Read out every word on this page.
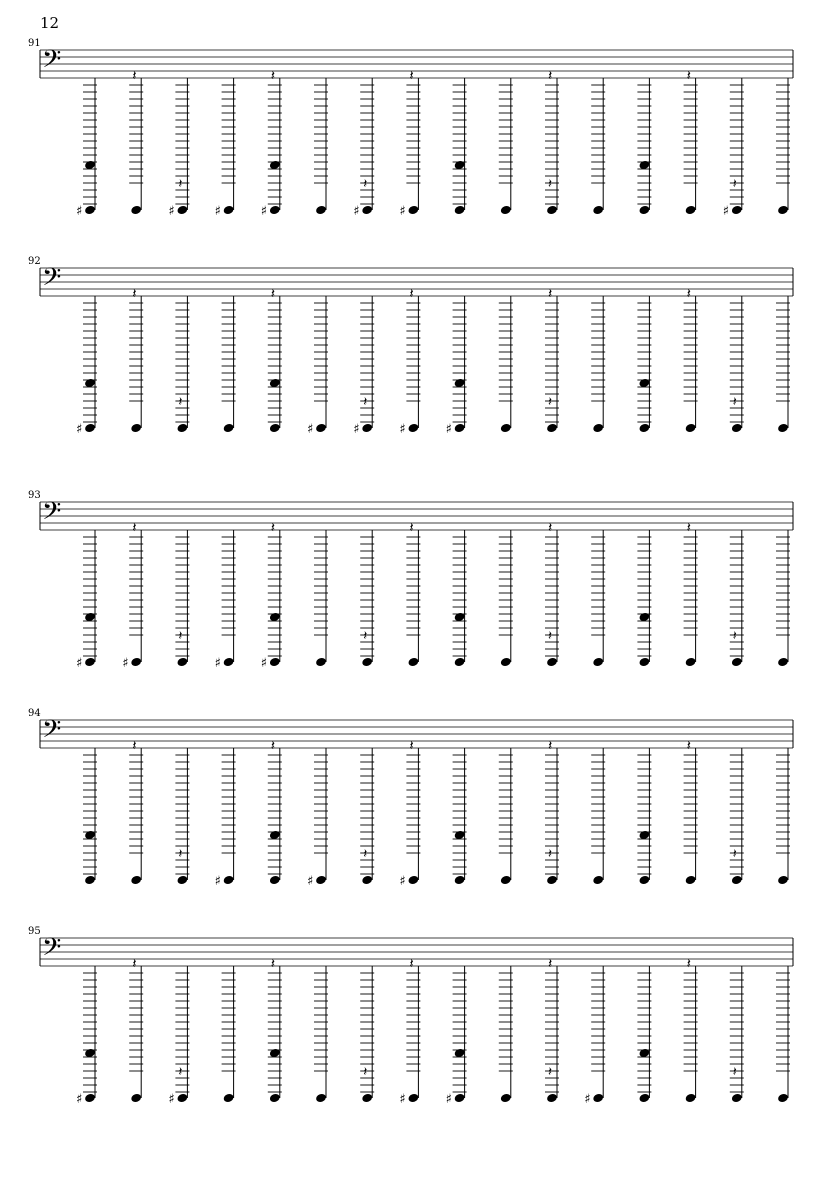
12
91
92
93
94
95
𝄢
♯
𝄽
♯
𝄽
♯	♯
𝄽
♯
𝄽
♯
𝄽	𝄽
𝄽
𝄽
♯
𝄽
𝄢
♯
𝄽
𝄽
𝄽
♯	♯
𝄽
♯
𝄽
♯
𝄽
𝄽
𝄽
𝄽
𝄢
♯	♯
𝄽
𝄽
♯	♯
𝄽
𝄽
𝄽	𝄽
𝄽
𝄽
𝄽
𝄢	𝄽
𝄽
♯
𝄽
♯
𝄽
♯
𝄽	𝄽
𝄽
𝄽
𝄽
𝄢
♯
𝄽
♯
𝄽
𝄽
𝄽
♯
𝄽
♯
𝄽
𝄽
♯
𝄽
𝄽
